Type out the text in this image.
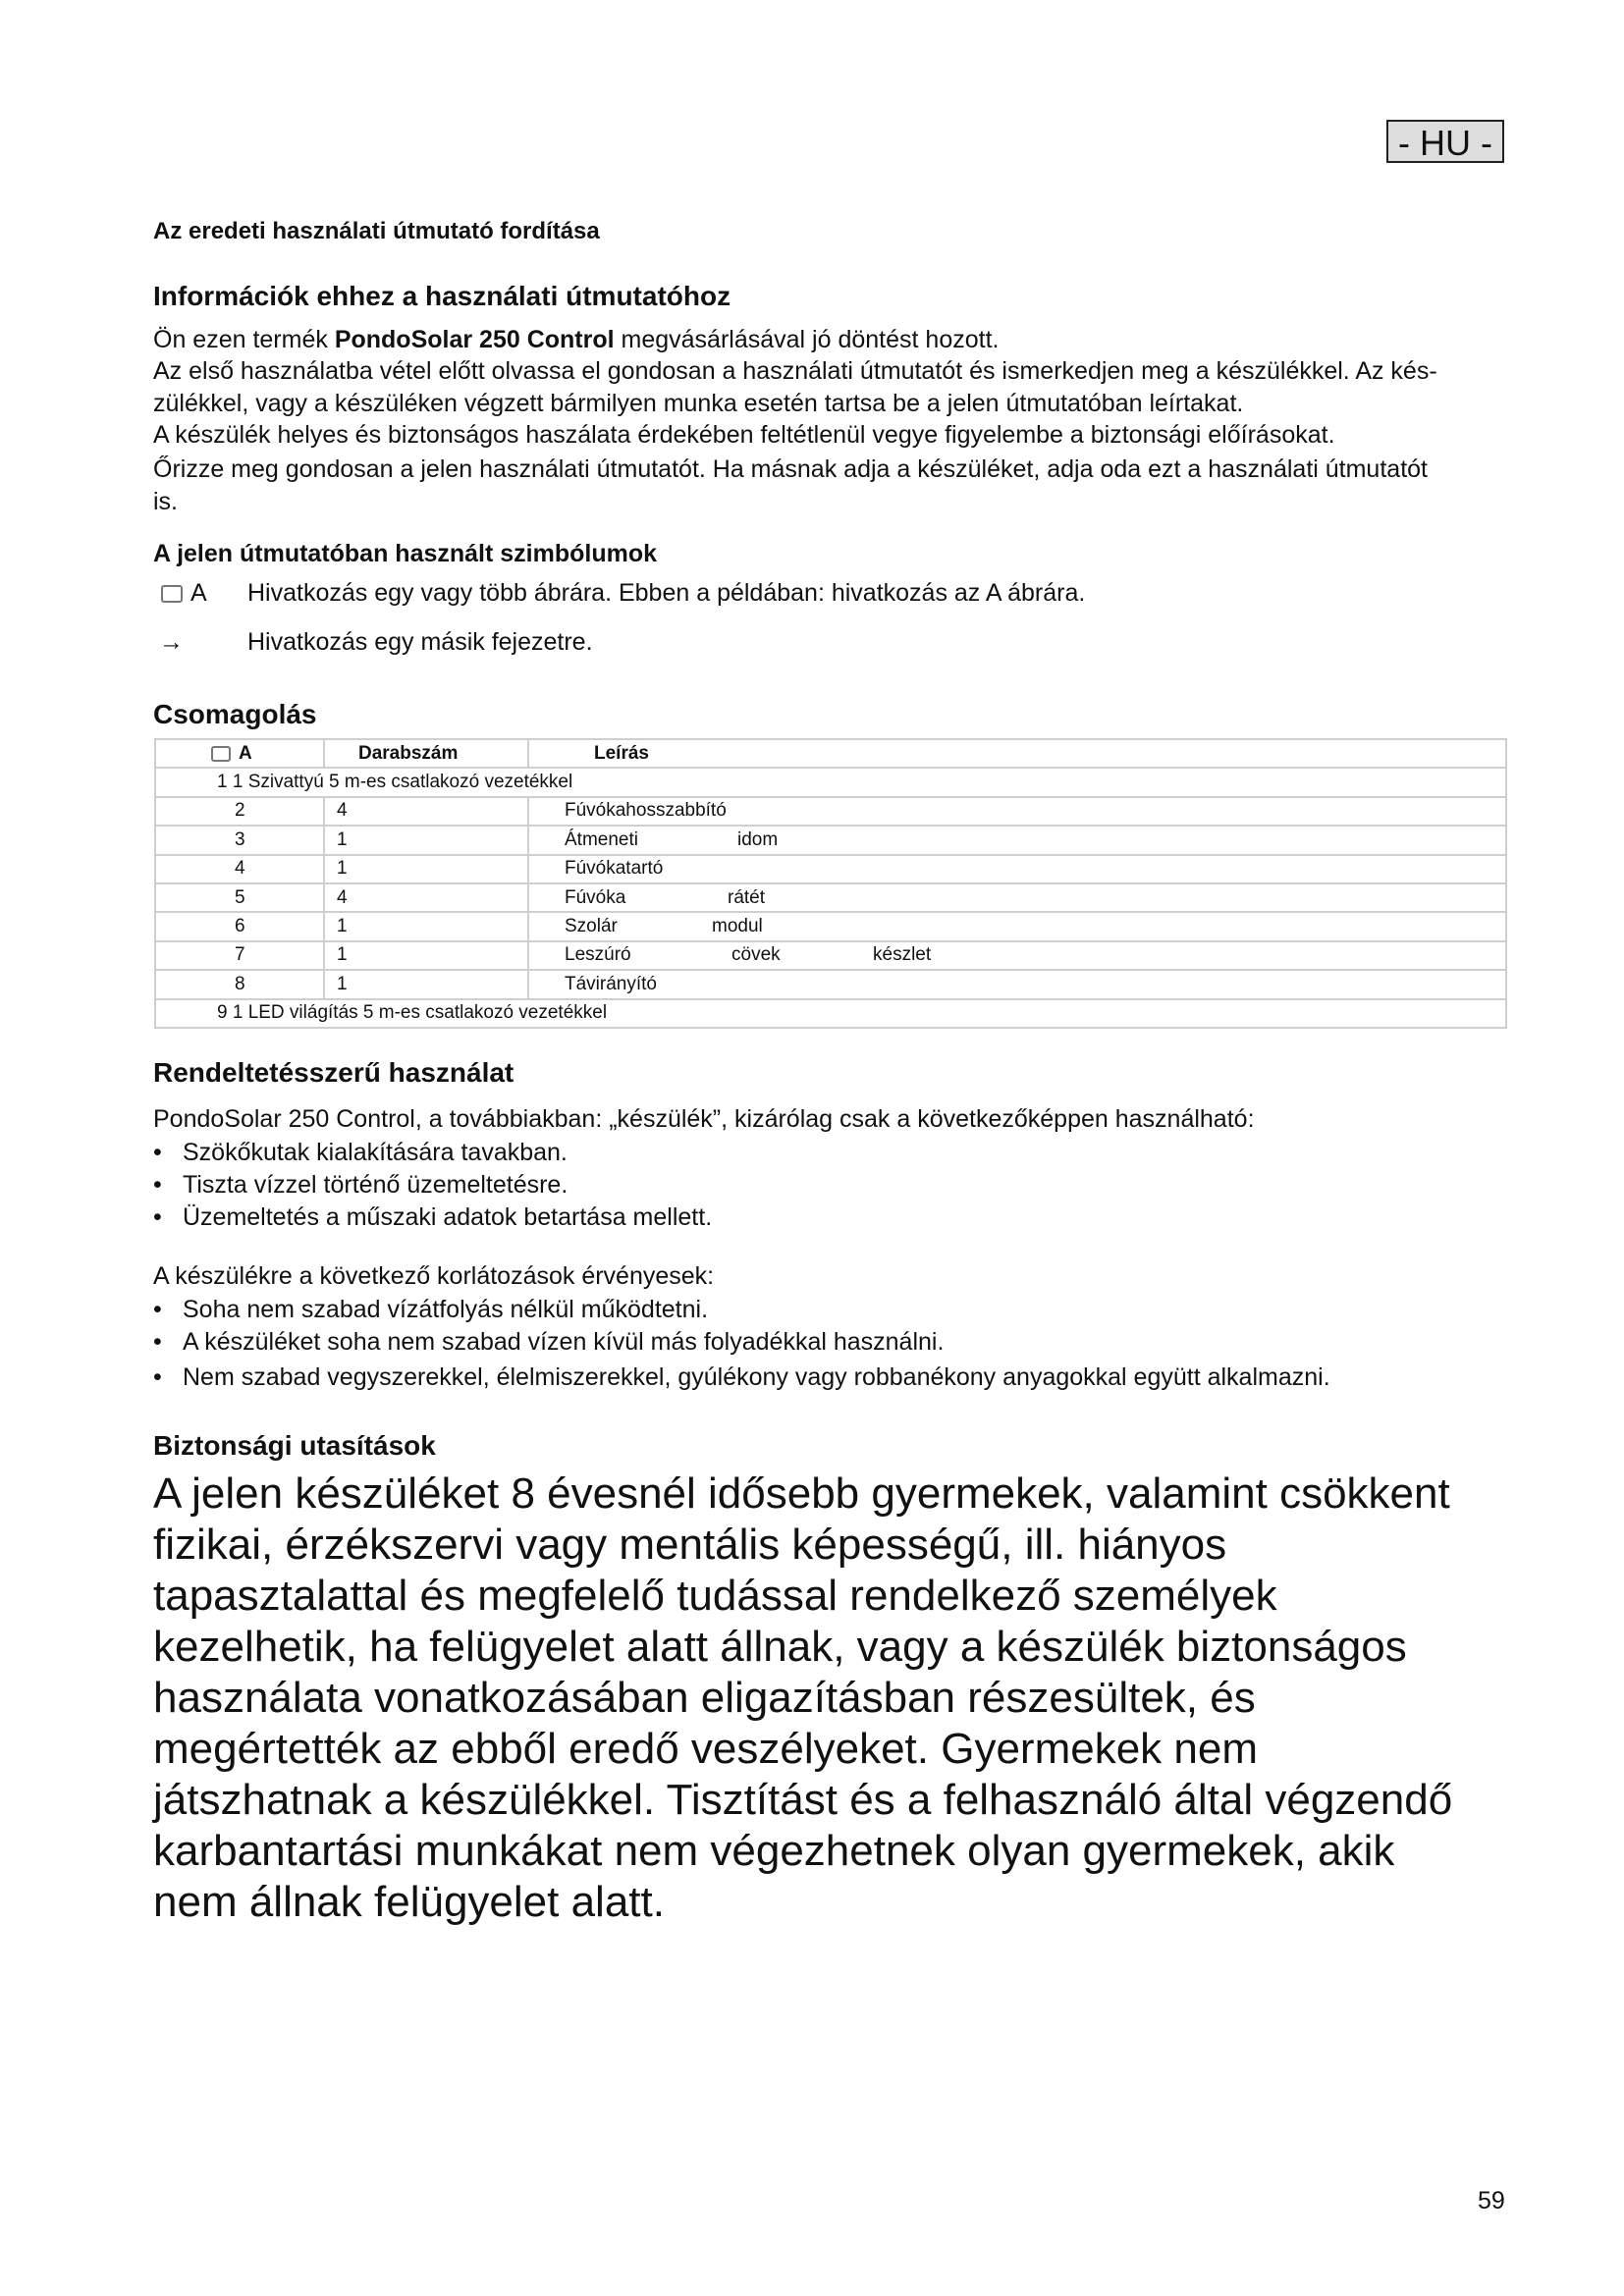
- HU -
Az eredeti használati útmutató fordítása
Információk ehhez a használati útmutatóhoz
Ön ezen termék PondoSolar 250 Control megvásárlásával jó döntést hozott.
Az első használatba vétel előtt olvassa el gondosan a használati útmutatót és ismerkedjen meg a készülékkel. Az kés-
zülékkel, vagy a készüléken végzett bármilyen munka esetén tartsa be a jelen útmutatóban leírtakat.
A készülék helyes és biztonságos haszálata érdekében feltétlenül vegye figyelembe a biztonsági előírásokat.
Őrizze meg gondosan a jelen használati útmutatót. Ha másnak adja a készüléket, adja oda ezt a használati útmutatót
is.
A jelen útmutatóban használt szimbólumok
A Hivatkozás egy vagy több ábrára. Ebben a példában: hivatkozás az A ábrára.
→	Hivatkozás egy másik fejezetre.
Csomagolás
A	Darabszám	Leírás
1 1 Szivattyú 5 m-es csatlakozó vezetékkel		
2	4	Fúvókahosszabbító
3	1	Átmeneti idom

4	1	Fúvókatartó
5	4	Fúvóka rátét

6	1	Szolár modul

7	1	Leszúró cövek készlet

8	1	Távirányító
9 1 LED világítás 5 m-es csatlakozó vezetékkel		
Rendeltetésszerű használat
PondoSolar 250 Control, a továbbiakban: „készülék”, kizárólag csak a következőképpen használható:
• Szökőkutak kialakítására tavakban.
• Tiszta vízzel történő üzemeltetésre.
• Üzemeltetés a műszaki adatok betartása mellett.
A készülékre a következő korlátozások érvényesek:
• Soha nem szabad vízátfolyás nélkül működtetni.
• A készüléket soha nem szabad vízen kívül más folyadékkal használni.
• Nem szabad vegyszerekkel, élelmiszerekkel, gyúlékony vagy robbanékony anyagokkal együtt alkalmazni.
Biztonsági utasítások
A jelen készüléket 8 évesnél idősebb gyermekek, valamint csökkent
fizikai, érzékszervi vagy mentális képességű, ill. hiányos
tapasztalattal és megfelelő tudással rendelkező személyek
kezelhetik, ha felügyelet alatt állnak, vagy a készülék biztonságos
használata vonatkozásában eligazításban részesültek, és
megértették az ebből eredő veszélyeket. Gyermekek nem
játszhatnak a készülékkel. Tisztítást és a felhasználó által végzendő
karbantartási munkákat nem végezhetnek olyan gyermekek, akik
nem állnak felügyelet alatt.
59
